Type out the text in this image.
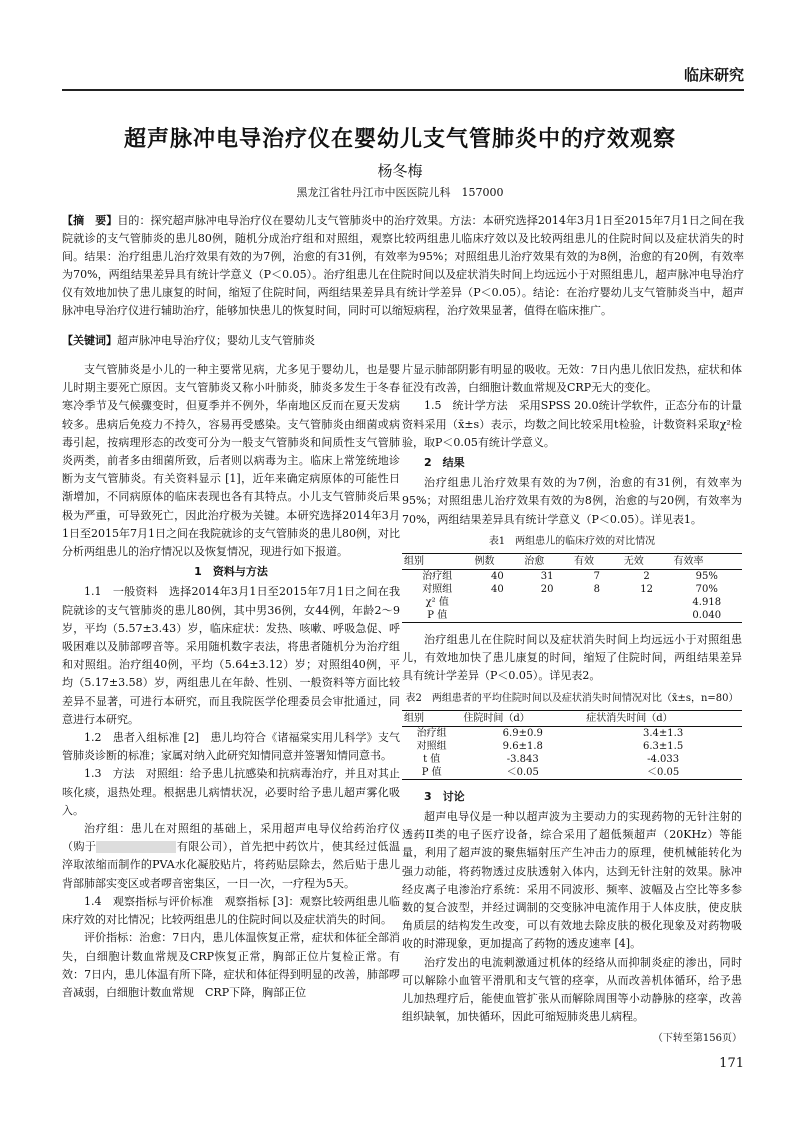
临床研究
超声脉冲电导治疗仪在婴幼儿支气管肺炎中的疗效观察
杨冬梅
黑龙江省牡丹江市中医医院儿科　157000
【摘　要】目的：探究超声脉冲电导治疗仪在婴幼儿支气管肺炎中的治疗效果。方法：本研究选择2014年3月1日至2015年7月1日之间在我院就诊的支气管肺炎的患儿80例，随机分成治疗组和对照组，观察比较两组患儿临床疗效以及比较两组患儿的住院时间以及症状消失的时间。结果：治疗组患儿治疗效果有效的为7例，治愈的有31例，有效率为95%；对照组患儿治疗效果有效的为8例，治愈的有20例，有效率为70%，两组结果差异具有统计学意义（P＜0.05）。治疗组患儿在住院时间以及症状消失时间上均远远小于对照组患儿，超声脉冲电导治疗仪有效地加快了患儿康复的时间，缩短了住院时间，两组结果差异具有统计学差异（P＜0.05）。结论：在治疗婴幼儿支气管肺炎当中，超声脉冲电导治疗仪进行辅助治疗，能够加快患儿的恢复时间，同时可以缩短病程，治疗效果显著，值得在临床推广。
【关键词】超声脉冲电导治疗仪；婴幼儿支气管肺炎

支气管肺炎是小儿的一种主要常见病，尤多见于婴幼儿，也是婴儿时期主要死亡原因。支气管肺炎又称小叶肺炎，肺炎多发生于冬春寒冷季节及气候骤变时，但夏季并不例外，华南地区反而在夏天发病较多。患病后免疫力不持久，容易再受感染。支气管肺炎由细菌或病毒引起，按病理形态的改变可分为一般支气管肺炎和间质性支气管肺炎两类，前者多由细菌所致，后者则以病毒为主。临床上常笼统地诊断为支气管肺炎。有关资料显示 [1]，近年来确定病原体的可能性日渐增加，不同病原体的临床表现也各有其特点。小儿支气管肺炎后果极为严重，可导致死亡，因此治疗极为关键。本研究选择2014年3月1日至2015年7月1日之间在我院就诊的支气管肺炎的患儿80例，对比分析两组患儿的治疗情况以及恢复情况，现进行如下报道。

1　资料与方法

1.1　一般资料　选择2014年3月1日至2015年7月1日之间在我院就诊的支气管肺炎的患儿80例，其中男36例，女44例，年龄2～9岁，平均（5.57±3.43）岁，临床症状：发热、咳嗽、呼吸急促、呼吸困难以及肺部啰音等。采用随机数字表法，将患者随机分为治疗组和对照组。治疗组40例，平均（5.64±3.12）岁；对照组40例，平均（5.17±3.58）岁，两组患儿在年龄、性别、一般资料等方面比较差异不显著，可进行本研究，而且我院医学伦理委员会审批通过，同意进行本研究。

1.2　患者入组标准 [2]　患儿均符合《诸福棠实用儿科学》支气管肺炎诊断的标准；家属对纳入此研究知情同意并签署知情同意书。

1.3　方法　对照组：给予患儿抗感染和抗病毒治疗，并且对其止咳化痰，退热处理。根据患儿病情状况，必要时给予患儿超声雾化吸入。

治疗组：患儿在对照组的基础上，采用超声电导仪给药治疗仪（购于	有限公司），首先把中药饮片，使其经过低温淬取浓缩而制作的PVA水化凝胶贴片，将药贴层除去，然后贴于患儿背部肺部实变区或者啰音密集区，一日一次，一疗程为5天。

1.4　观察指标与评价标准　观察指标 [3]：观察比较两组患儿临床疗效的对比情况；比较两组患儿的住院时间以及症状消失的时间。

评价指标：治愈：7日内，患儿体温恢复正常，症状和体征全部消失，白细胞计数血常规及CRP恢复正常，胸部正位片复检正常。有效：7日内，患儿体温有所下降，症状和体征得到明显的改善，肺部啰音减弱，白细胞计数血常规　CRP下降，胸部正位

片显示肺部阴影有明显的吸收。无效：7日内患儿依旧发热，症状和体征没有改善，白细胞计数血常规及CRP无大的变化。

1.5　统计学方法　采用SPSS 20.0统计学软件，正态分布的计量资料采用（x̄±s）表示，均数之间比较采用t检验，计数资料采取χ²检验，取P＜0.05有统计学意义。

2　结果

治疗组患儿治疗效果有效的为7例，治愈的有31例，有效率为95%；对照组患儿治疗效果有效的为8例，治愈的与20例，有效率为70%，两组结果差异具有统计学意义（P＜0.05）。详见表1。

表1　两组患儿的临床疗效的对比情况
组别	例数	治愈	有效	无效	有效率
治疗组	40	31	7	2	95%
对照组	40	20	8	12	70%
χ² 值					4.918
P 值					0.040

治疗组患儿在住院时间以及症状消失时间上均远远小于对照组患儿，有效地加快了患儿康复的时间，缩短了住院时间，两组结果差异具有统计学差异（P＜0.05）。详见表2。

表2　两组患者的平均住院时间以及症状消失时间情况对比（x̄±s，n=80）
组别	住院时间（d）	症状消失时间（d）
治疗组	6.9±0.9	3.4±1.3
对照组	9.6±1.8	6.3±1.5
t 值	-3.843	-4.033
P 值	＜0.05	＜0.05
3　讨论

超声电导仪是一种以超声波为主要动力的实现药物的无针注射的透药II类的电子医疗设备，综合采用了超低频超声（20KHz）等能量，利用了超声波的聚焦辐射压产生冲击力的原理，使机械能转化为强力动能，将药物透过皮肤透射入体内，达到无针注射的效果。脉冲经皮离子电渗治疗系统：采用不同波形、频率、波幅及占空比等多参数的复合波型，并经过调制的交变脉冲电流作用于人体皮肤，使皮肤角质层的结构发生改变，可以有效地去除皮肤的极化现象及对药物吸收的时滞现象，更加提高了药物的透皮速率 [4]。

治疗发出的电流刺激通过机体的经络从而抑制炎症的渗出，同时可以解除小血管平滑肌和支气管的痉挛，从而改善机体循环，给予患儿加热理疗后，能使血管扩张从而解除周围等小动静脉的痉挛，改善组织缺氧，加快循环，因此可缩短肺炎患儿病程。

（下转至第156页）
171
